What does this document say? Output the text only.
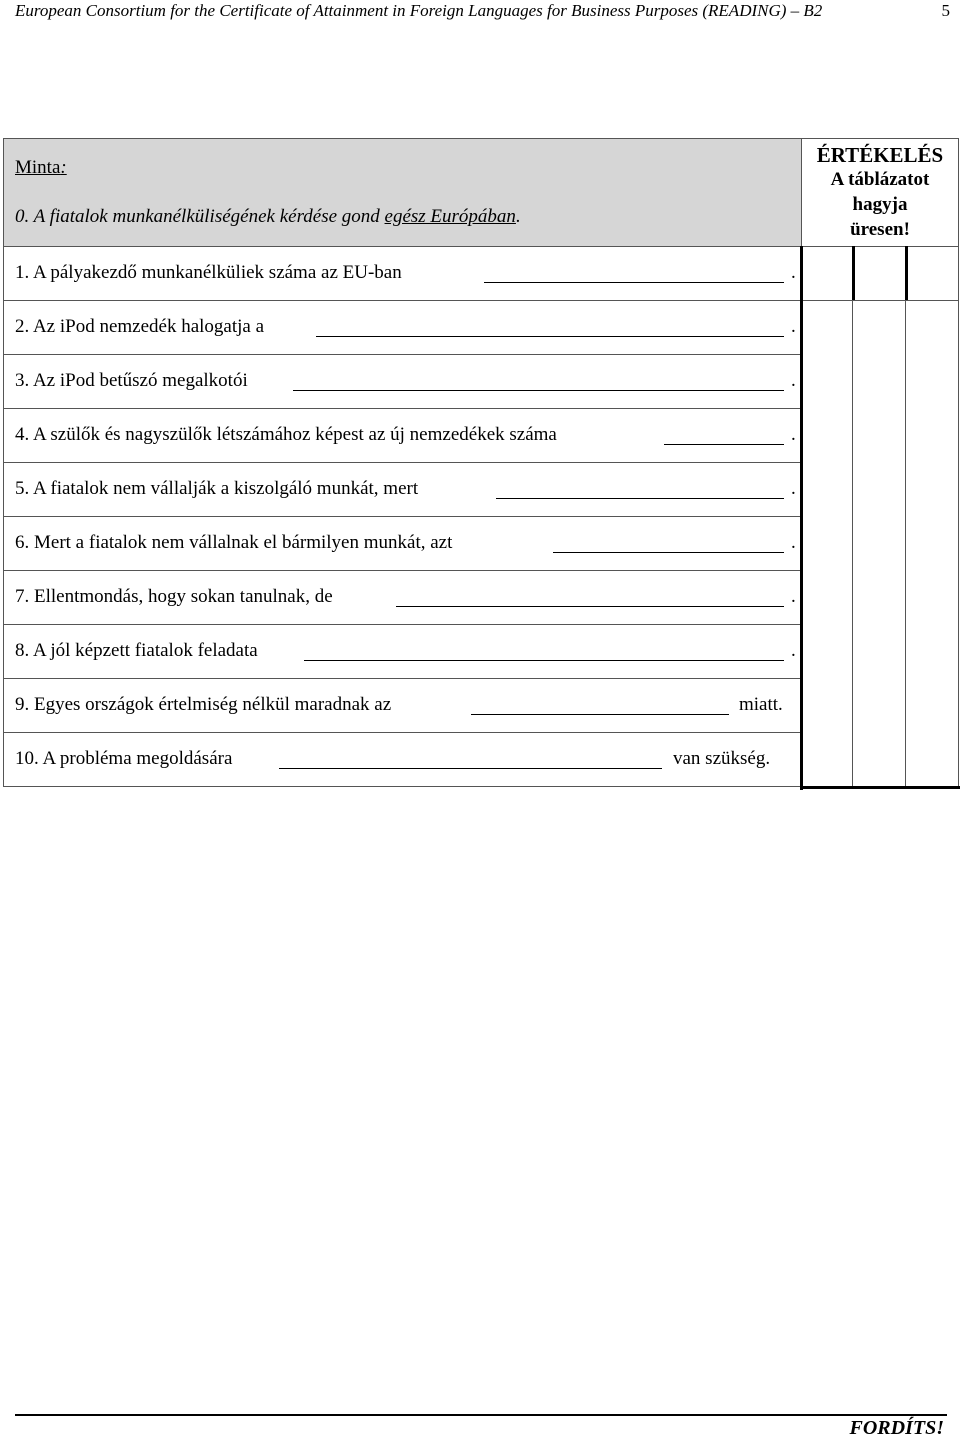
European Consortium for the Certificate of Attainment in Foreign Languages for Business Purposes (READING) – B2	5
Minta:
0. A fiatalok munkanélküliségének kérdése gond egész Európában.
ÉRTÉKELÉS
A táblázatot
hagyja
üresen!
1. A pályakezdő munkanélküliek száma az EU-ban	.
2. Az iPod nemzedék halogatja a	.
3. Az iPod betűszó megalkotói	.
4. A szülők és nagyszülők létszámához képest az új nemzedékek száma	.
5. A fiatalok nem vállalják a kiszolgáló munkát, mert	.
6. Mert a fiatalok nem vállalnak el bármilyen munkát, azt	.
7. Ellentmondás, hogy sokan tanulnak, de	.
8. A jól képzett fiatalok feladata	.
9. Egyes országok értelmiség nélkül maradnak az	miatt.
10. A probléma megoldására	van szükség.
FORDÍTS!
